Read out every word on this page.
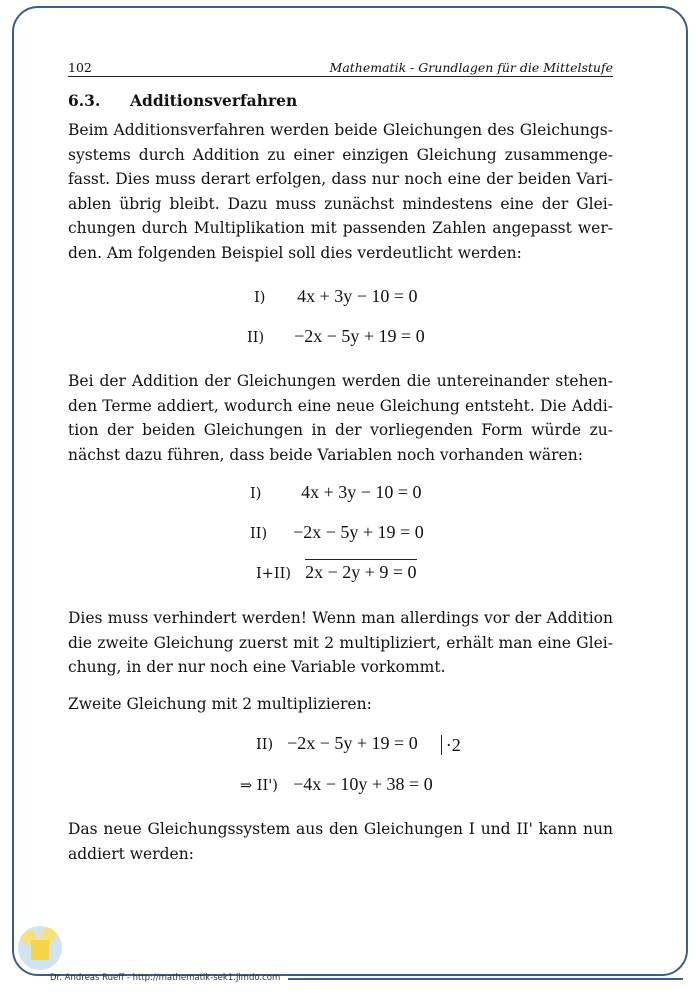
102	Mathematik - Grundlagen für die Mittelstufe
6.3. Additionsverfahren

Beim Additionsverfahren werden beide Gleichungen des Gleichungssystems durch Addition zu einer einzigen Gleichung zusammengefasst. Dies muss derart erfolgen, dass nur noch eine der beiden Variablen übrig bleibt. Dazu muss zunächst mindestens eine der Gleichungen durch Multiplikation mit passenden Zahlen angepasst werden. Am folgenden Beispiel soll dies verdeutlicht werden:

I) 4x + 3y − 10 = 0
II) −2x − 5y + 19 = 0

Bei der Addition der Gleichungen werden die untereinander stehenden Terme addiert, wodurch eine neue Gleichung entsteht. Die Addition der beiden Gleichungen in der vorliegenden Form würde zunächst dazu führen, dass beide Variablen noch vorhanden wären:

I) 4x + 3y − 10 = 0
II) −2x − 5y + 19 = 0
I+II) 2x − 2y + 9 = 0

Dies muss verhindert werden! Wenn man allerdings vor der Addition die zweite Gleichung zuerst mit 2 multipliziert, erhält man eine Gleichung, in der nur noch eine Variable vorkommt.

Zweite Gleichung mit 2 multiplizieren:

II) −2x − 5y + 19 = 0 ·2
⇒ II') −4x − 10y + 38 = 0

Das neue Gleichungssystem aus den Gleichungen I und II' kann nun addiert werden:

Dr. Andreas Rueff - http://mathematik-sek1.jimdo.com
